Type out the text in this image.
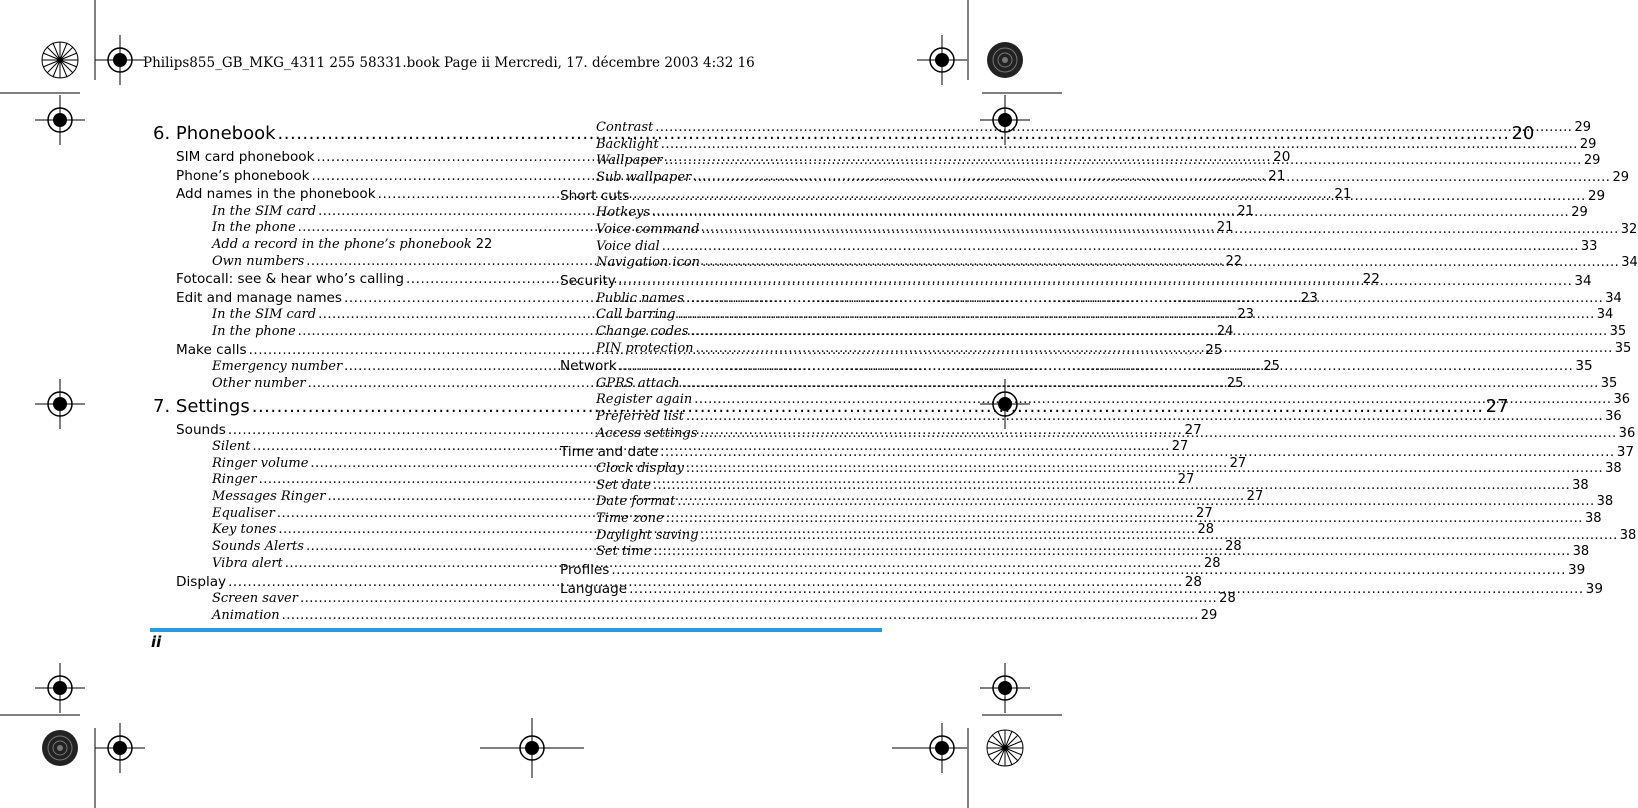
Philips855_GB_MKG_4311 255 58331.book Page ii Mercredi, 17. décembre 2003 4:32 16
6. Phonebook .....	20
SIM card phonebook .....	20
Phone’s phonebook .....	21
Add names in the phonebook .....	21
In the SIM card .....	21
In the phone .....	21
Add a record in the phone’s phonebook 22
Own numbers .....	22
Fotocall: see & hear who’s calling .....	22
Edit and manage names .....	23
In the SIM card .....	23
In the phone .....	24
Make calls .....	25
Emergency number .....	25
Other number .....	25
7. Settings .....	27
Sounds .....	27
Silent .....	27
Ringer volume .....	27
Ringer .....	27
Messages Ringer .....	27
Equaliser .....	27
Key tones .....	28
Sounds Alerts .....	28
Vibra alert .....	28
Display .....	28
Screen saver .....	28
Animation .....	29
Contrast .....	29
Backlight .....	29
Wallpaper .....	29
Sub wallpaper .....	29
Short cuts .....	29
Hotkeys .....	29
Voice command .....	32
Voice dial .....	33
Navigation icon .....	34
Security .....	34
Public names .....	34
Call barring .....	34
Change codes .....	35
PIN protection .....	35
Network .....	35
GPRS attach .....	35
Register again .....	36
Preferred list .....	36
Access settings .....	36
Time and date .....	37
Clock display .....	38
Set date .....	38
Date format .....	38
Time zone .....	38
Daylight saving .....	38
Set time .....	38
Profiles .....	39
Language .....	39
ii
